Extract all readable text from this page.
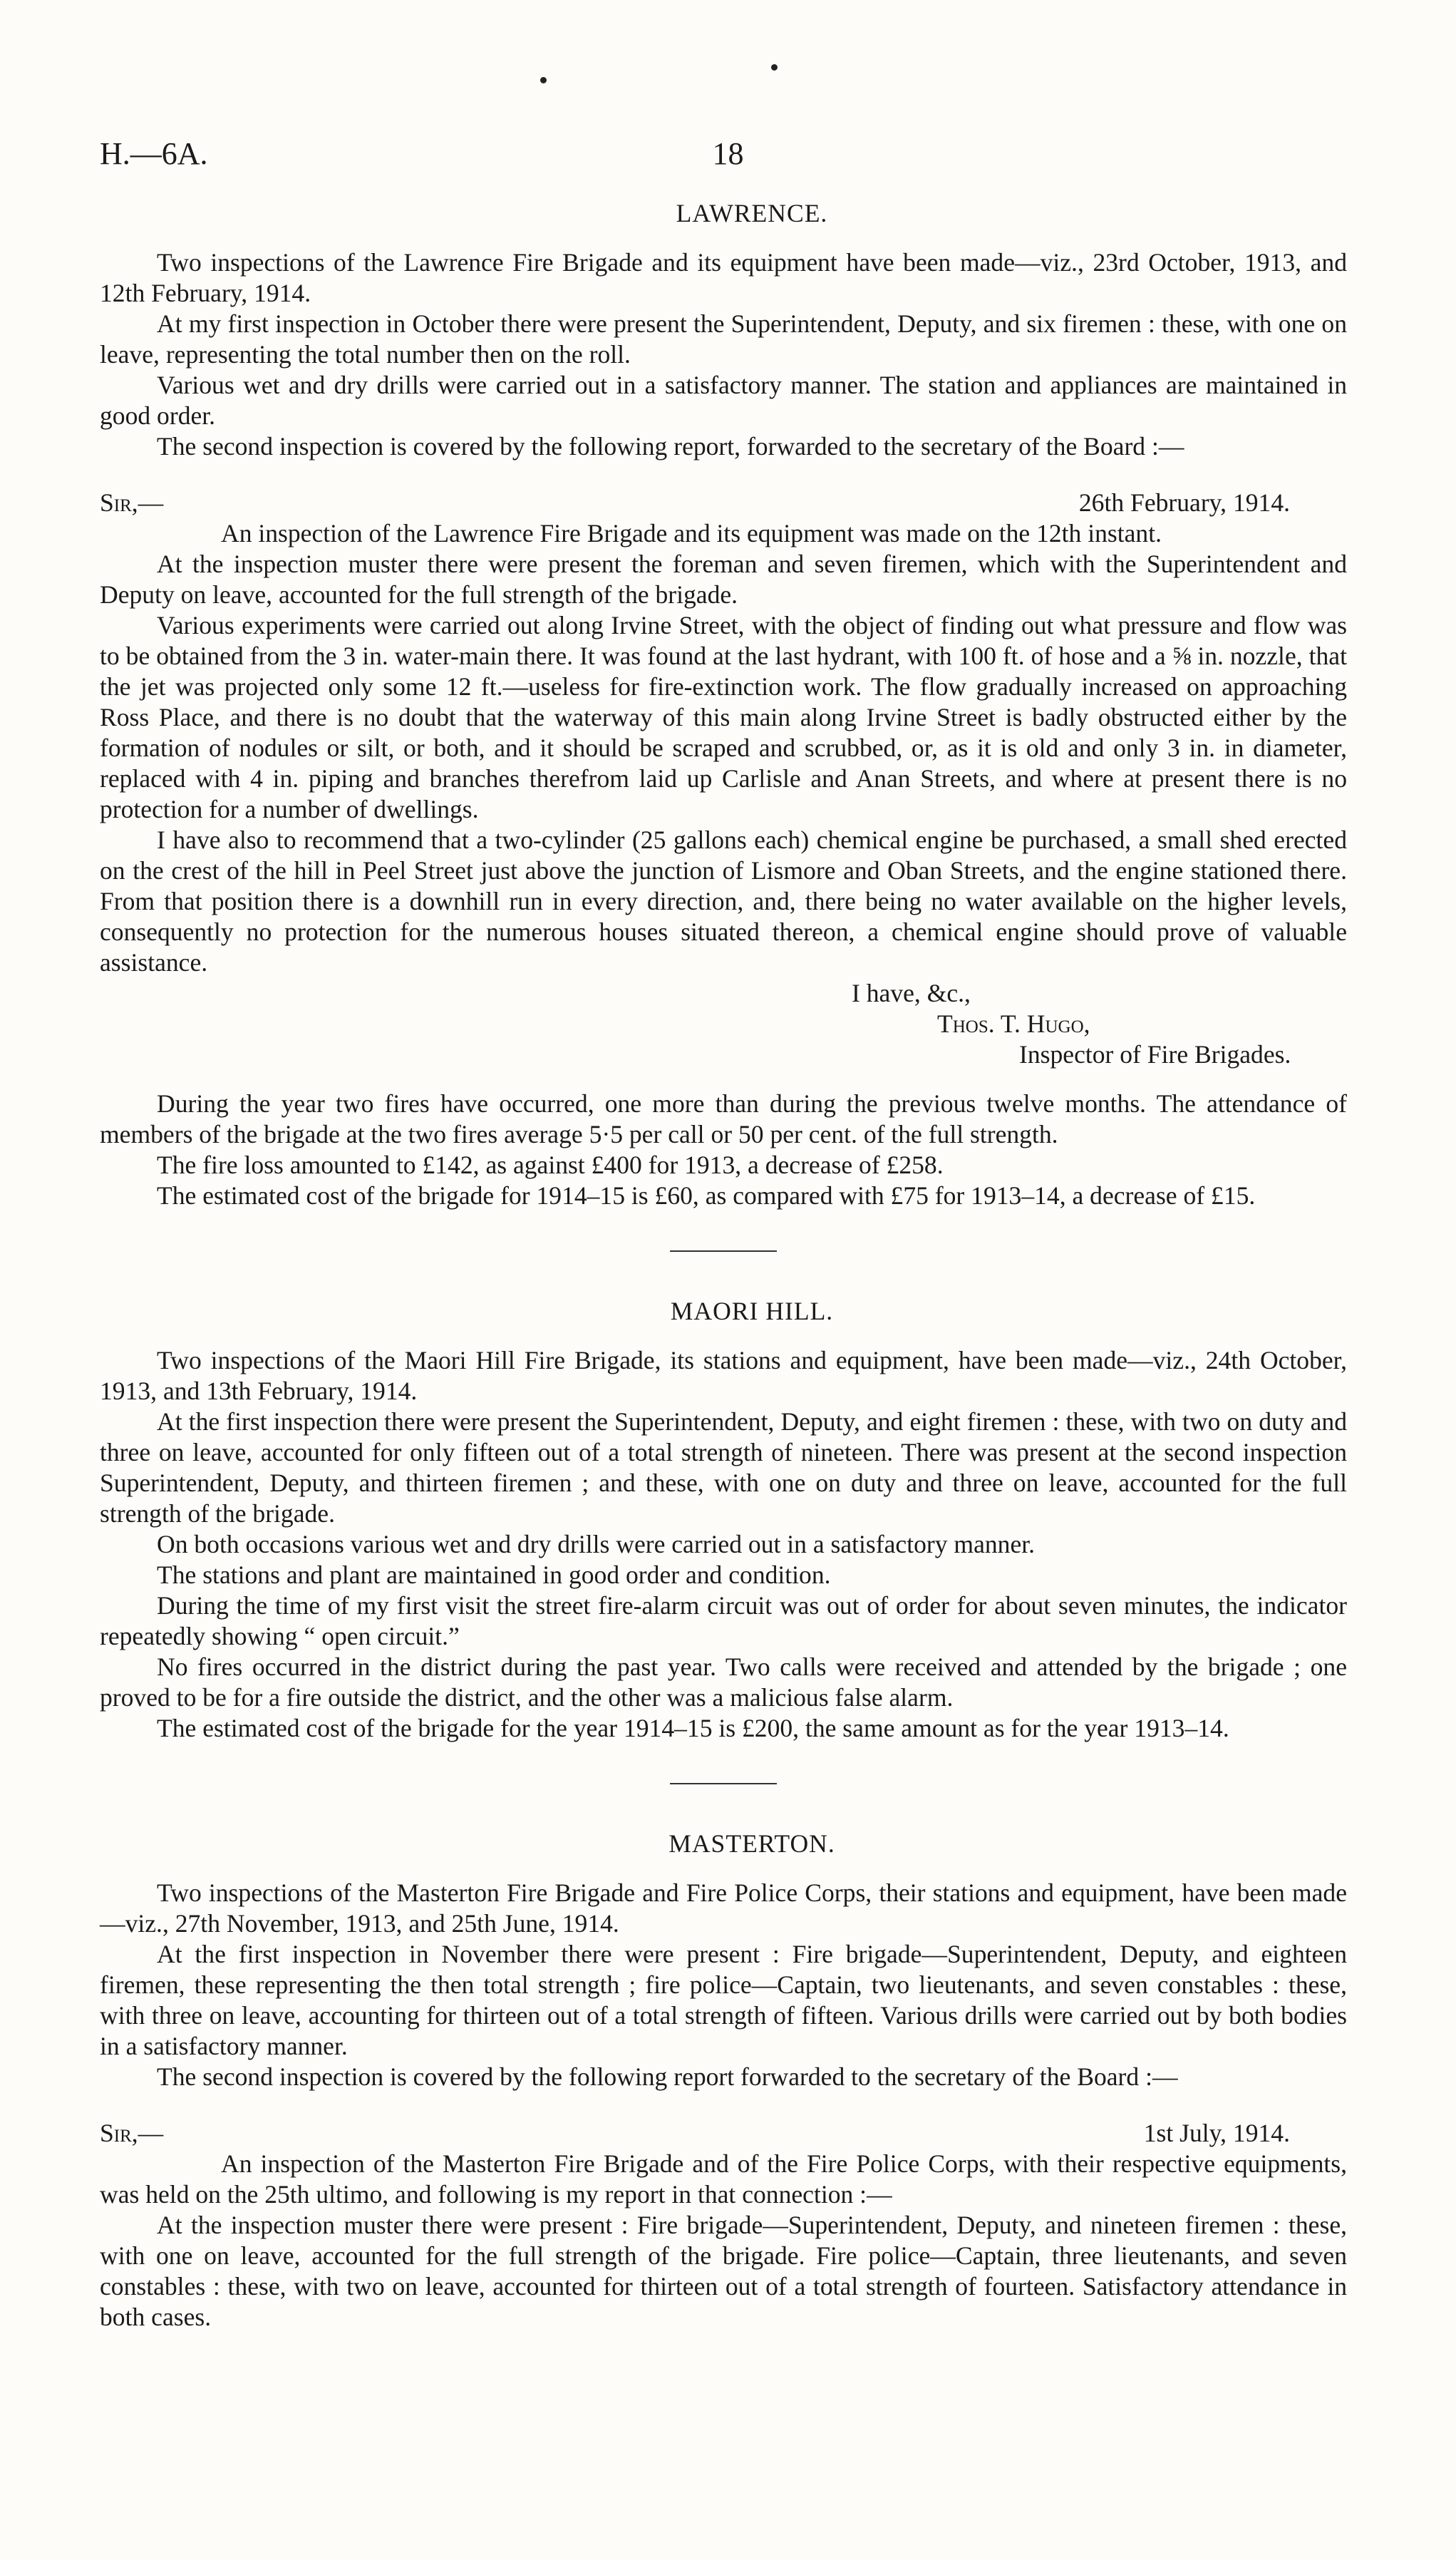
H.—6A.	18

LAWRENCE.

Two inspections of the Lawrence Fire Brigade and its equipment have been made—viz., 23rd October, 1913, and 12th February, 1914.

At my first inspection in October there were present the Superintendent, Deputy, and six firemen : these, with one on leave, representing the total number then on the roll.

Various wet and dry drills were carried out in a satisfactory manner. The station and appliances are maintained in good order.

The second inspection is covered by the following report, forwarded to the secretary of the Board :—

Sir,—	26th February, 1914.

An inspection of the Lawrence Fire Brigade and its equipment was made on the 12th instant.

At the inspection muster there were present the foreman and seven firemen, which with the Superintendent and Deputy on leave, accounted for the full strength of the brigade.

Various experiments were carried out along Irvine Street, with the object of finding out what pressure and flow was to be obtained from the 3 in. water-main there. It was found at the last hydrant, with 100 ft. of hose and a ⅝ in. nozzle, that the jet was projected only some 12 ft.—useless for fire-extinction work. The flow gradually increased on approaching Ross Place, and there is no doubt that the waterway of this main along Irvine Street is badly obstructed either by the formation of nodules or silt, or both, and it should be scraped and scrubbed, or, as it is old and only 3 in. in diameter, replaced with 4 in. piping and branches therefrom laid up Carlisle and Anan Streets, and where at present there is no protection for a number of dwellings.

I have also to recommend that a two-cylinder (25 gallons each) chemical engine be purchased, a small shed erected on the crest of the hill in Peel Street just above the junction of Lismore and Oban Streets, and the engine stationed there. From that position there is a downhill run in every direction, and, there being no water available on the higher levels, consequently no protection for the numerous houses situated thereon, a chemical engine should prove of valuable assistance.

I have, &c.,

Thos. T. Hugo,

Inspector of Fire Brigades.

During the year two fires have occurred, one more than during the previous twelve months. The attendance of members of the brigade at the two fires average 5·5 per call or 50 per cent. of the full strength.

The fire loss amounted to £142, as against £400 for 1913, a decrease of £258.

The estimated cost of the brigade for 1914–15 is £60, as compared with £75 for 1913–14, a decrease of £15.

MAORI HILL.

Two inspections of the Maori Hill Fire Brigade, its stations and equipment, have been made—viz., 24th October, 1913, and 13th February, 1914.

At the first inspection there were present the Superintendent, Deputy, and eight firemen : these, with two on duty and three on leave, accounted for only fifteen out of a total strength of nineteen. There was present at the second inspection Superintendent, Deputy, and thirteen firemen ; and these, with one on duty and three on leave, accounted for the full strength of the brigade.

On both occasions various wet and dry drills were carried out in a satisfactory manner.

The stations and plant are maintained in good order and condition.

During the time of my first visit the street fire-alarm circuit was out of order for about seven minutes, the indicator repeatedly showing “ open circuit.”

No fires occurred in the district during the past year. Two calls were received and attended by the brigade ; one proved to be for a fire outside the district, and the other was a malicious false alarm.

The estimated cost of the brigade for the year 1914–15 is £200, the same amount as for the year 1913–14.

MASTERTON.

Two inspections of the Masterton Fire Brigade and Fire Police Corps, their stations and equipment, have been made—viz., 27th November, 1913, and 25th June, 1914.

At the first inspection in November there were present : Fire brigade—Superintendent, Deputy, and eighteen firemen, these representing the then total strength ; fire police—Captain, two lieutenants, and seven constables : these, with three on leave, accounting for thirteen out of a total strength of fifteen. Various drills were carried out by both bodies in a satisfactory manner.

The second inspection is covered by the following report forwarded to the secretary of the Board :—

Sir,—	1st July, 1914.

An inspection of the Masterton Fire Brigade and of the Fire Police Corps, with their respective equipments, was held on the 25th ultimo, and following is my report in that connection :—

At the inspection muster there were present : Fire brigade—Superintendent, Deputy, and nineteen firemen : these, with one on leave, accounted for the full strength of the brigade. Fire police—Captain, three lieutenants, and seven constables : these, with two on leave, accounted for thirteen out of a total strength of fourteen. Satisfactory attendance in both cases.
